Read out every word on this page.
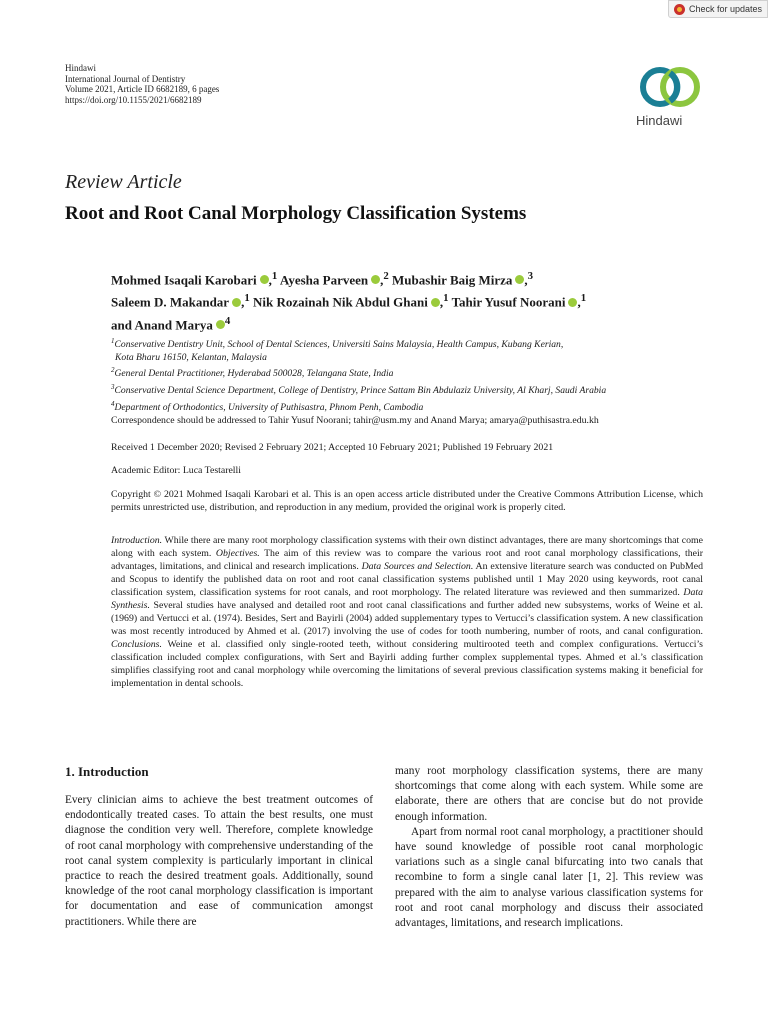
Check for updates
Hindawi
International Journal of Dentistry
Volume 2021, Article ID 6682189, 6 pages
https://doi.org/10.1155/2021/6682189
Hindawi
Review Article
Root and Root Canal Morphology Classification Systems
Mohmed Isaqali Karobari ,$^1$ Ayesha Parveen ,$^2$ Mubashir Baig Mirza ,$^3$
Saleem D. Makandar ,$^1$ Nik Rozainah Nik Abdul Ghani ,$^1$ Tahir Yusuf Noorani ,$^1$
and Anand Marya $^4$
$^1$Conservative Dentistry Unit, School of Dental Sciences, Universiti Sains Malaysia, Health Campus, Kubang Kerian,
Kota Bharu 16150, Kelantan, Malaysia
$^2$General Dental Practitioner, Hyderabad 500028, Telangana State, India
$^3$Conservative Dental Science Department, College of Dentistry, Prince Sattam Bin Abdulaziz University, Al Kharj, Saudi Arabia
$^4$Department of Orthodontics, University of Puthisastra, Phnom Penh, Cambodia
Correspondence should be addressed to Tahir Yusuf Noorani; tahir@usm.my and Anand Marya; amarya@puthisastra.edu.kh
Received 1 December 2020; Revised 2 February 2021; Accepted 10 February 2021; Published 19 February 2021
Academic Editor: Luca Testarelli
Copyright © 2021 Mohmed Isaqali Karobari et al. This is an open access article distributed under the Creative Commons Attribution License, which permits unrestricted use, distribution, and reproduction in any medium, provided the original work is properly cited.
Introduction. While there are many root morphology classification systems with their own distinct advantages, there are many shortcomings that come along with each system. Objectives. The aim of this review was to compare the various root and root canal morphology classifications, their advantages, limitations, and clinical and research implications. Data Sources and Selection. An extensive literature search was conducted on PubMed and Scopus to identify the published data on root and root canal classification systems published until 1 May 2020 using keywords, root canal classification system, classification systems for root canals, and root morphology. The related literature was reviewed and then summarized. Data Synthesis. Several studies have analysed and detailed root and root canal classifications and further added new subsystems, works of Weine et al. (1969) and Vertucci et al. (1974). Besides, Sert and Bayirli (2004) added supplementary types to Vertucci’s classification system. A new classification was most recently introduced by Ahmed et al. (2017) involving the use of codes for tooth numbering, number of roots, and canal configuration. Conclusions. Weine et al. classified only single-rooted teeth, without considering multirooted teeth and complex configurations. Vertucci’s classification included complex configurations, with Sert and Bayirli adding further complex supplemental types. Ahmed et al.’s classification simplifies classifying root and canal morphology while overcoming the limitations of several previous classification systems making it beneficial for implementation in dental schools.
1. Introduction
Every clinician aims to achieve the best treatment outcomes of endodontically treated cases. To attain the best results, one must diagnose the condition very well. Therefore, complete knowledge of root canal morphology with comprehensive understanding of the root canal system complexity is particularly important in clinical practice to reach the desired treatment goals. Additionally, sound knowledge of the root canal morphology classification is important for documentation and ease of communication amongst practitioners. While there are
many root morphology classification systems, there are many shortcomings that come along with each system. While some are elaborate, there are others that are concise but do not provide enough information.
Apart from normal root canal morphology, a practitioner should have sound knowledge of possible root canal morphologic variations such as a single canal bifurcating into two canals that recombine to form a single canal later [1, 2]. This review was prepared with the aim to analyse various classification systems for root and root canal morphology and discuss their associated advantages, limitations, and research implications.
